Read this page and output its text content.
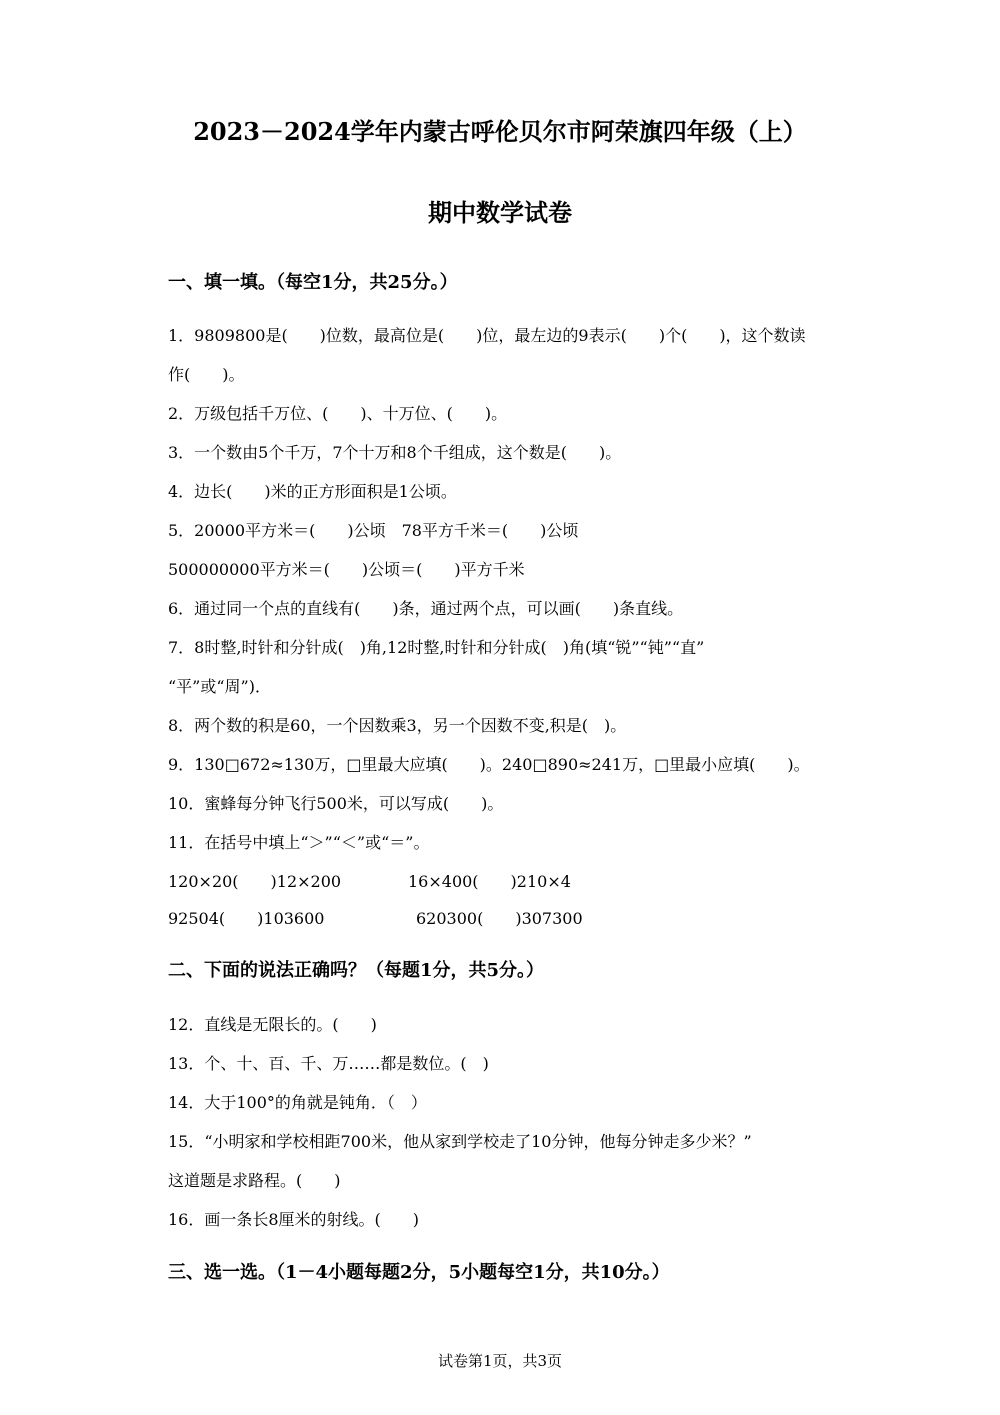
2023－2024学年内蒙古呼伦贝尔市阿荣旗四年级（上）
期中数学试卷
一、填一填。（每空1分，共25分。）
1．9809800是(　　)位数，最高位是(　　)位，最左边的9表示(　　)个(　　)，这个数读
作(　　)。
2．万级包括千万位、(　　)、十万位、(　　)。
3．一个数由5个千万，7个十万和8个千组成，这个数是(　　)。
4．边长(　　)米的正方形面积是1公顷。
5．20000平方米＝(　　)公顷　78平方千米＝(　　)公顷
500000000平方米＝(　　)公顷＝(　　)平方千米
6．通过同一个点的直线有(　　)条，通过两个点，可以画(　　)条直线。
7．8时整,时针和分针成(　)角,12时整,时针和分针成(　)角(填“锐”“钝”“直”
“平”或“周”)．
8．两个数的积是60，一个因数乘3，另一个因数不变,积是(　)。
9．130□672≈130万，□里最大应填(　　)。240□890≈241万，□里最小应填(　　)。
10．蜜蜂每分钟飞行500米，可以写成(　　)。
11．在括号中填上“＞”“＜”或“＝”。
120×20(　　)12×200	16×400(　　)210×4
92504(　　)103600	620300(　　)307300
二、下面的说法正确吗？（每题1分，共5分。）
12．直线是无限长的。(　　)
13．个、十、百、千、万……都是数位。(　)
14．大于100°的角就是钝角．（　）
15．“小明家和学校相距700米，他从家到学校走了10分钟，他每分钟走多少米？”
这道题是求路程。(　　)
16．画一条长8厘米的射线。(　　)
三、选一选。（1－4小题每题2分，5小题每空1分，共10分。）
试卷第1页，共3页
